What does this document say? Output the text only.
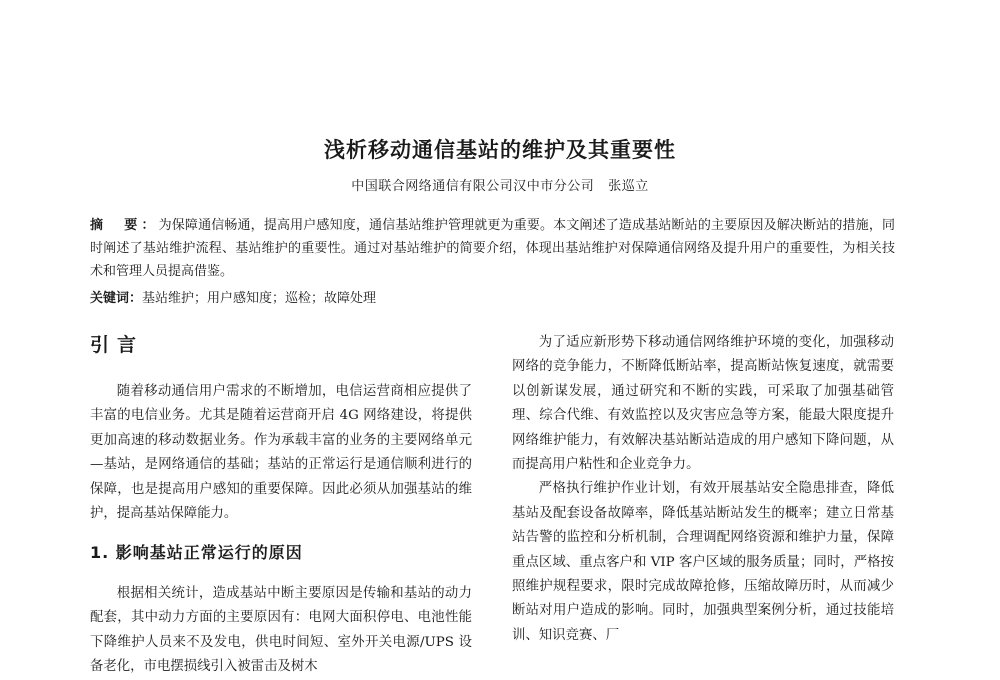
浅析移动通信基站的维护及其重要性
中国联合网络通信有限公司汉中市分公司 张巡立
摘　要：为保障通信畅通，提高用户感知度，通信基站维护管理就更为重要。本文阐述了造成基站断站的主要原因及解决断站的措施，同时阐述了基站维护流程、基站维护的重要性。通过对基站维护的简要介绍，体现出基站维护对保障通信网络及提升用户的重要性，为相关技术和管理人员提高借鉴。
关键词：基站维护；用户感知度；巡检；故障处理
引言

随着移动通信用户需求的不断增加，电信运营商相应提供了丰富的电信业务。尤其是随着运营商开启 4G 网络建设，将提供更加高速的移动数据业务。作为承载丰富的业务的主要网络单元—基站，是网络通信的基础；基站的正常运行是通信顺利进行的保障，也是提高用户感知的重要保障。因此必须从加强基站的维护，提高基站保障能力。

1. 影响基站正常运行的原因

根据相关统计，造成基站中断主要原因是传输和基站的动力配套，其中动力方面的主要原因有：电网大面积停电、电池性能下降维护人员来不及发电，供电时间短、室外开关电源/UPS 设备老化，市电摆损线引入被雷击及树木

为了适应新形势下移动通信网络维护环境的变化，加强移动网络的竞争能力，不断降低断站率，提高断站恢复速度，就需要以创新谋发展，通过研究和不断的实践，可采取了加强基础管理、综合代维、有效监控以及灾害应急等方案，能最大限度提升网络维护能力，有效解决基站断站造成的用户感知下降问题，从而提高用户粘性和企业竞争力。

严格执行维护作业计划，有效开展基站安全隐患排查，降低基站及配套设备故障率，降低基站断站发生的概率；建立日常基站告警的监控和分析机制，合理调配网络资源和维护力量，保障重点区域、重点客户和 VIP 客户区域的服务质量；同时，严格按照维护规程要求，限时完成故障抢修，压缩故障历时，从而减少断站对用户造成的影响。同时，加强典型案例分析，通过技能培训、知识竞赛、厂
